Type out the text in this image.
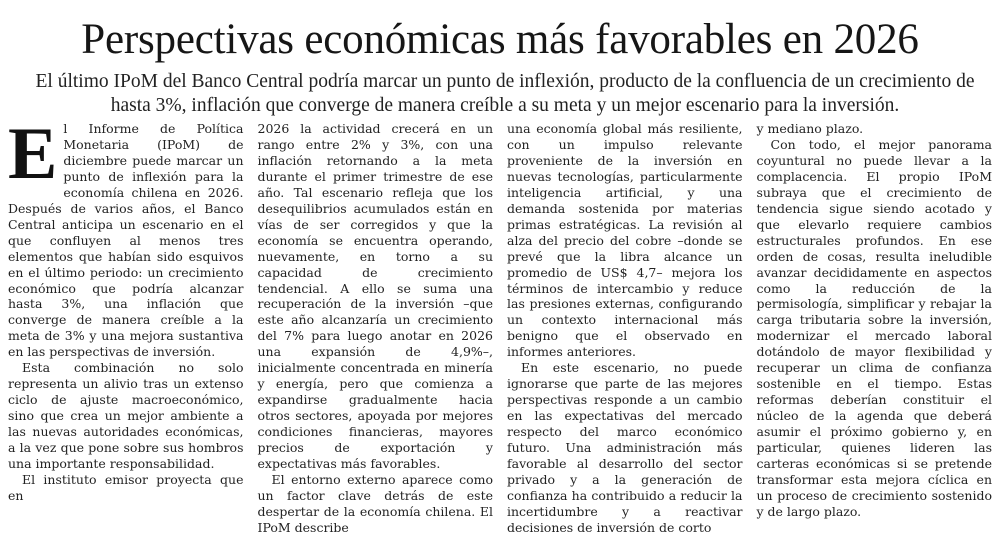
Perspectivas económicas más favorables en 2026

El último IPoM del Banco Central podría marcar un punto de inflexión, producto de la confluencia de un crecimiento de hasta 3%, inflación que converge de manera creíble a su meta y un mejor escenario para la inversión.

E l Informe de Política Monetaria (IPoM) de diciembre puede marcar un punto de inflexión para la economía chilena en 2026. Después de varios años, el Banco Central anticipa un escenario en el que confluyen al menos tres elementos que habían sido esquivos en el último periodo: un crecimiento económico que podría alcanzar hasta 3%, una inflación que converge de manera creíble a la meta de 3% y una mejora sustantiva en las perspectivas de inversión.

Esta combinación no solo representa un alivio tras un extenso ciclo de ajuste macroeconómico, sino que crea un mejor ambiente a las nuevas autoridades económicas, a la vez que pone sobre sus hombros una importante responsabilidad.

El instituto emisor proyecta que en

2026 la actividad crecerá en un rango entre 2% y 3%, con una inflación retornando a la meta durante el primer trimestre de ese año. Tal escenario refleja que los desequilibrios acumulados están en vías de ser corregidos y que la economía se encuentra operando, nuevamente, en torno a su capacidad de crecimiento tendencial. A ello se suma una recuperación de la inversión –que este año alcanzaría un crecimiento del 7% para luego anotar en 2026 una expansión de 4,9%–, inicialmente concentrada en minería y energía, pero que comienza a expandirse gradualmente hacia otros sectores, apoyada por mejores condiciones financieras, mayores precios de exportación y expectativas más favorables.

El entorno externo aparece como un factor clave detrás de este despertar de la economía chilena. El IPoM describe

una economía global más resiliente, con un impulso relevante proveniente de la inversión en nuevas tecnologías, particularmente inteligencia artificial, y una demanda sostenida por materias primas estratégicas. La revisión al alza del precio del cobre –donde se prevé que la libra alcance un promedio de US$ 4,7– mejora los términos de intercambio y reduce las presiones externas, configurando un contexto internacional más benigno que el observado en informes anteriores.

En este escenario, no puede ignorarse que parte de las mejores perspectivas responde a un cambio en las expectativas del mercado respecto del marco económico futuro. Una administración más favorable al desarrollo del sector privado y a la generación de confianza ha contribuido a reducir la incertidumbre y a reactivar decisiones de inversión de corto

y mediano plazo.

Con todo, el mejor panorama coyuntural no puede llevar a la complacencia. El propio IPoM subraya que el crecimiento de tendencia sigue siendo acotado y que elevarlo requiere cambios estructurales profundos. En ese orden de cosas, resulta ineludible avanzar decididamente en aspectos como la reducción de la permisología, simplificar y rebajar la carga tributaria sobre la inversión, modernizar el mercado laboral dotándolo de mayor flexibilidad y recuperar un clima de confianza sostenible en el tiempo. Estas reformas deberían constituir el núcleo de la agenda que deberá asumir el próximo gobierno y, en particular, quienes lideren las carteras económicas si se pretende transformar esta mejora cíclica en un proceso de crecimiento sostenido y de largo plazo.
